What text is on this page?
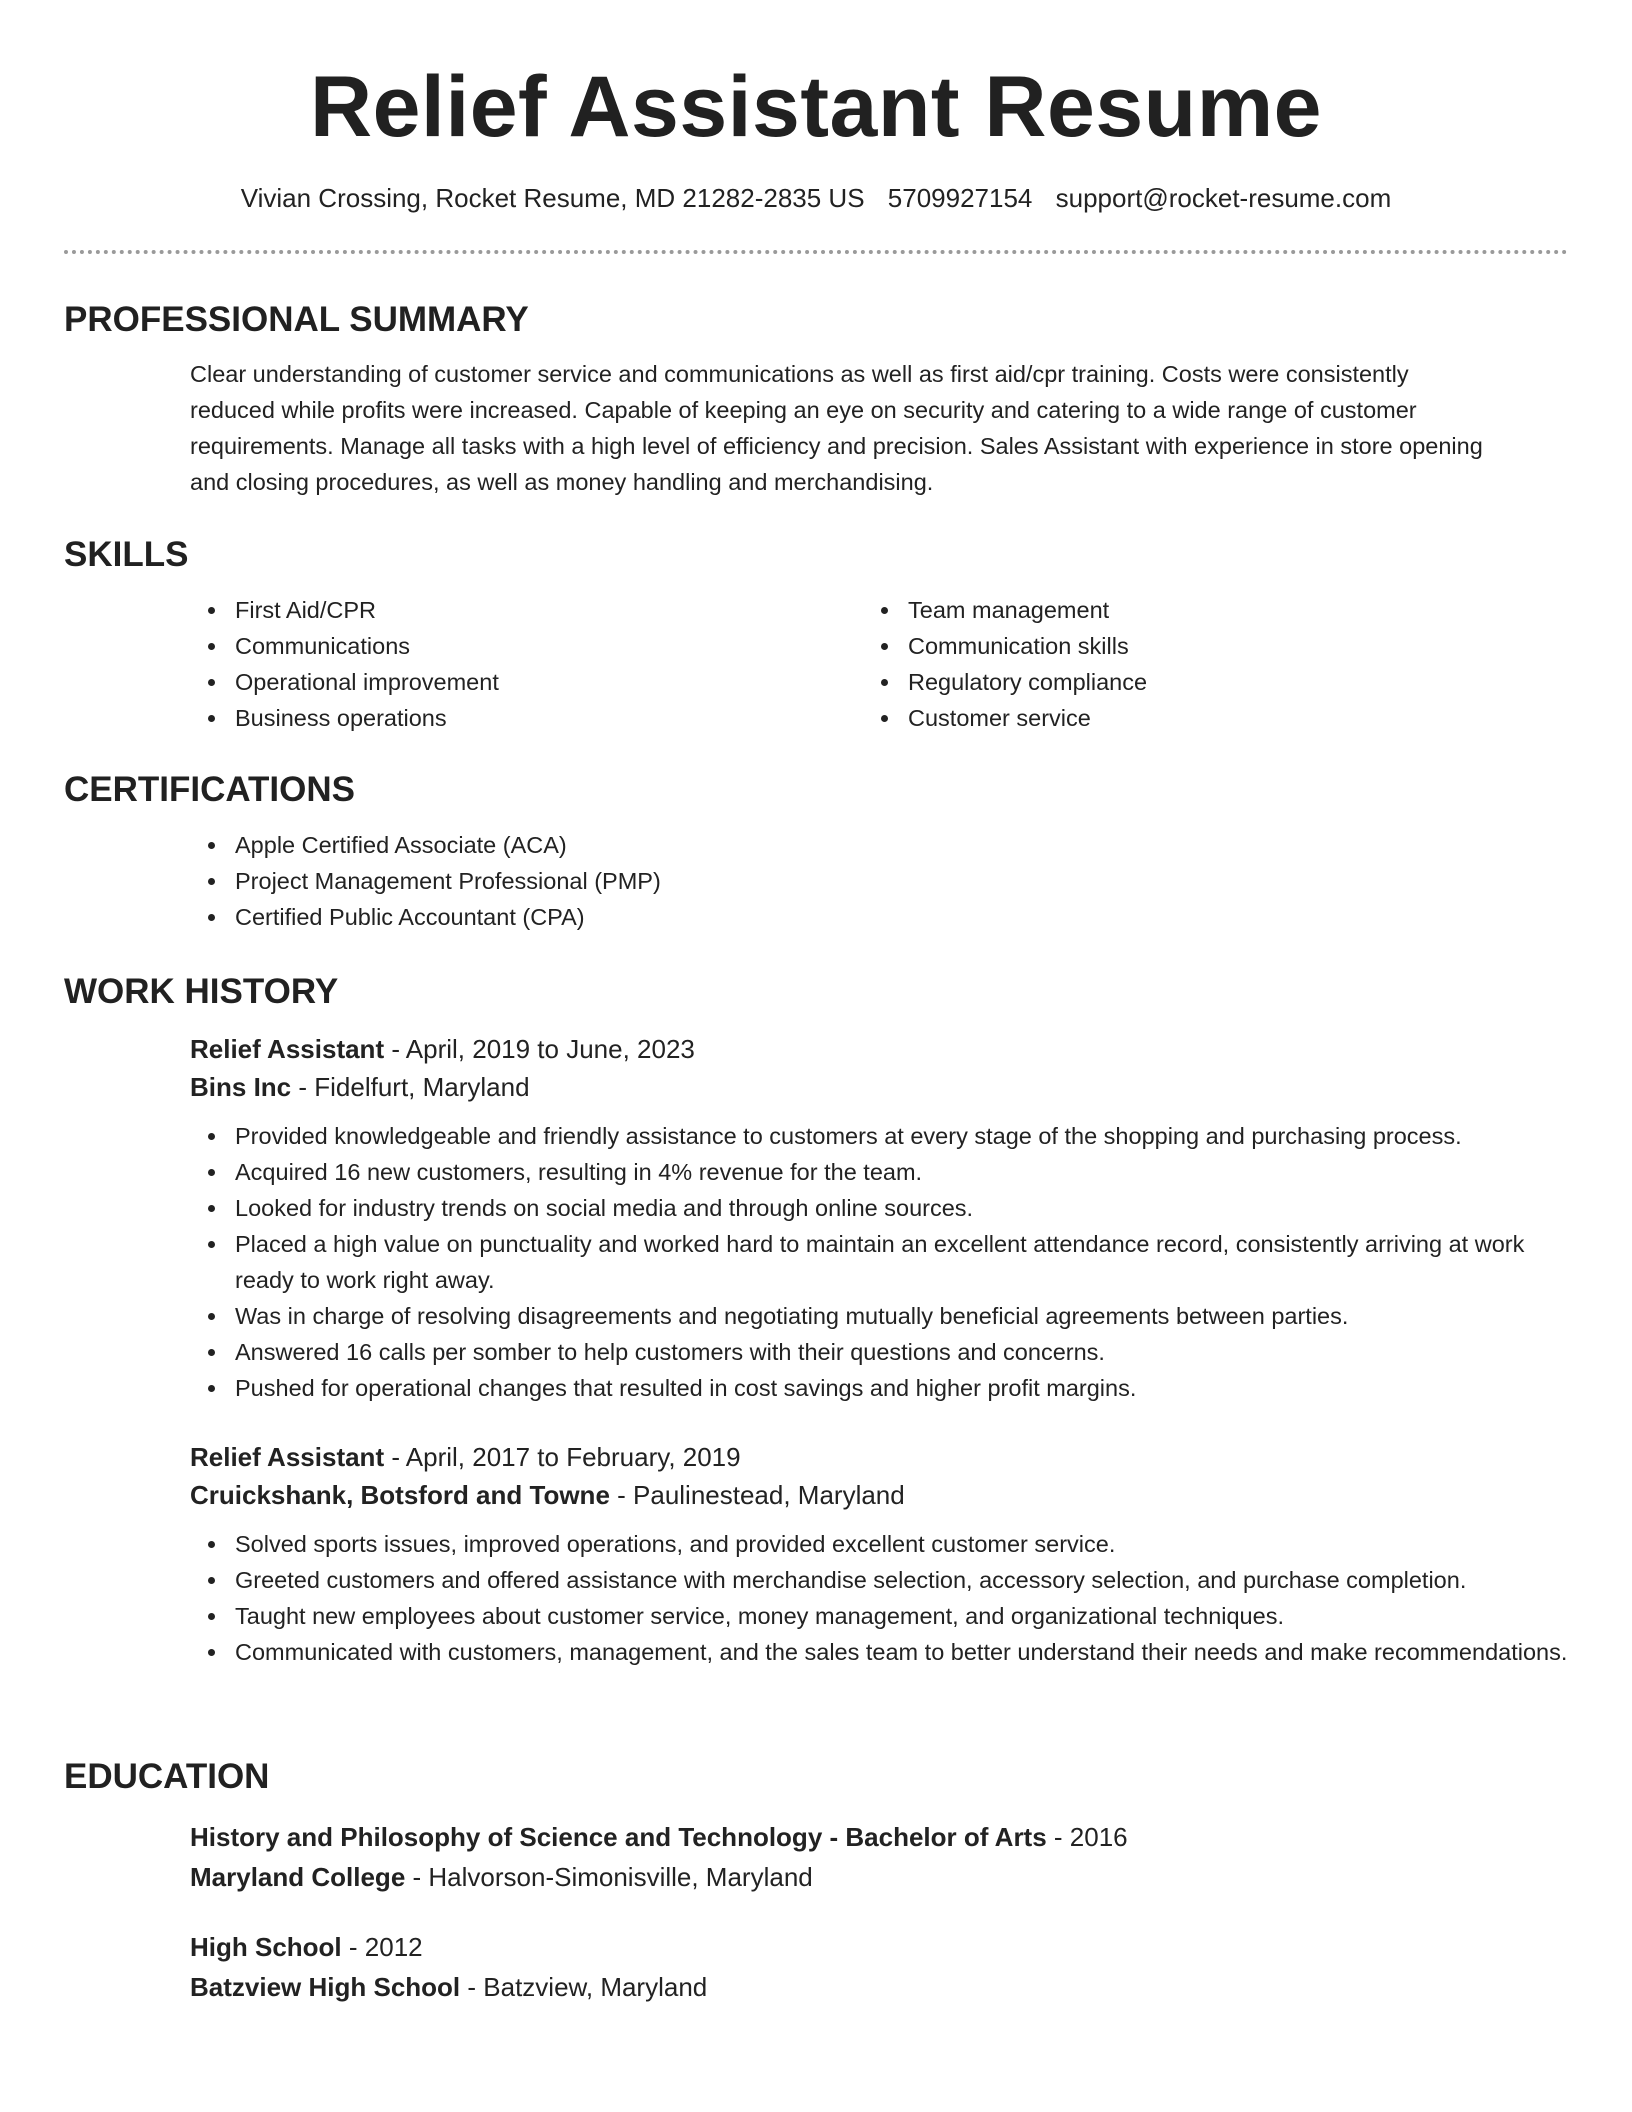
Relief Assistant Resume
Vivian Crossing, Rocket Resume, MD 21282-2835 US 5709927154 support@rocket-resume.com
PROFESSIONAL SUMMARY

Clear understanding of customer service and communications as well as first aid/cpr training. Costs were consistently

reduced while profits were increased. Capable of keeping an eye on security and catering to a wide range of customer

requirements. Manage all tasks with a high level of efficiency and precision. Sales Assistant with experience in store opening

and closing procedures, as well as money handling and merchandising.

SKILLS
First Aid/CPR
Communications
Operational improvement
Business operations
Team management
Communication skills
Regulatory compliance
Customer service
CERTIFICATIONS
Apple Certified Associate (ACA)
Project Management Professional (PMP)
Certified Public Accountant (CPA)
WORK HISTORY

Relief Assistant - April, 2019 to June, 2023

Bins Inc - Fidelfurt, Maryland

Provided knowledgeable and friendly assistance to customers at every stage of the shopping and purchasing process.
Acquired 16 new customers, resulting in 4% revenue for the team.
Looked for industry trends on social media and through online sources.
Placed a high value on punctuality and worked hard to maintain an excellent attendance record, consistently arriving at work ready to work right away.
Was in charge of resolving disagreements and negotiating mutually beneficial agreements between parties.
Answered 16 calls per somber to help customers with their questions and concerns.
Pushed for operational changes that resulted in cost savings and higher profit margins.

Relief Assistant - April, 2017 to February, 2019

Cruickshank, Botsford and Towne - Paulinestead, Maryland

Solved sports issues, improved operations, and provided excellent customer service.
Greeted customers and offered assistance with merchandise selection, accessory selection, and purchase completion.
Taught new employees about customer service, money management, and organizational techniques.
Communicated with customers, management, and the sales team to better understand their needs and make recommendations.
EDUCATION

History and Philosophy of Science and Technology - Bachelor of Arts - 2016

Maryland College - Halvorson-Simonisville, Maryland

High School - 2012

Batzview High School - Batzview, Maryland
